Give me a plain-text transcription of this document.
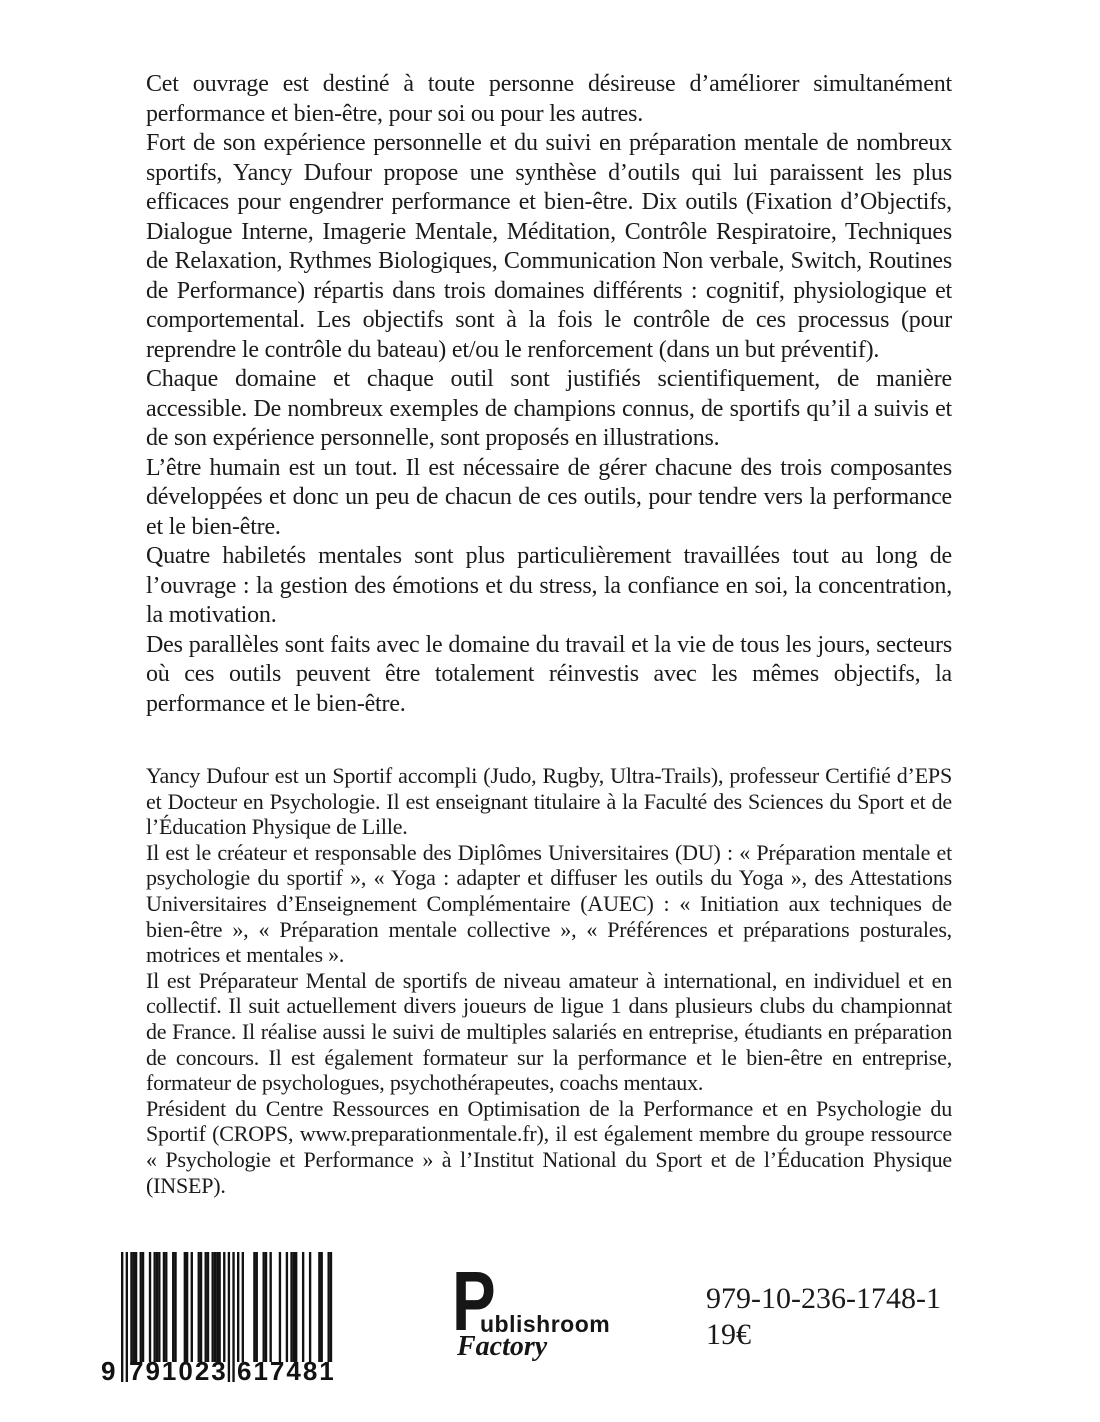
Cet ouvrage est destiné à toute personne désireuse d’améliorer simultanément performance et bien-être, pour soi ou pour les autres.

Fort de son expérience personnelle et du suivi en préparation mentale de nombreux sportifs, Yancy Dufour propose une synthèse d’outils qui lui paraissent les plus efficaces pour engendrer performance et bien-être. Dix outils (Fixation d’Objectifs, Dialogue Interne, Imagerie Mentale, Méditation, Contrôle Respiratoire, Techniques de Relaxation, Rythmes Biologiques, Communication Non verbale, Switch, Routines de Performance) répartis dans trois domaines différents : cognitif, physiologique et comportemental. Les objectifs sont à la fois le contrôle de ces processus (pour reprendre le contrôle du bateau) et/ou le renforcement (dans un but préventif).

Chaque domaine et chaque outil sont justifiés scientifiquement, de manière accessible. De nombreux exemples de champions connus, de sportifs qu’il a suivis et de son expérience personnelle, sont proposés en illustrations.

L’être humain est un tout. Il est nécessaire de gérer chacune des trois composantes développées et donc un peu de chacun de ces outils, pour tendre vers la performance et le bien-être.

Quatre habiletés mentales sont plus particulièrement travaillées tout au long de l’ouvrage : la gestion des émotions et du stress, la confiance en soi, la concentration, la motivation.

Des parallèles sont faits avec le domaine du travail et la vie de tous les jours, secteurs où ces outils peuvent être totalement réinvestis avec les mêmes objectifs, la performance et le bien-être.

Yancy Dufour est un Sportif accompli (Judo, Rugby, Ultra-Trails), professeur Certifié d’EPS et Docteur en Psychologie. Il est enseignant titulaire à la Faculté des Sciences du Sport et de l’Éducation Physique de Lille.

Il est le créateur et responsable des Diplômes Universitaires (DU) : « Préparation mentale et psychologie du sportif », « Yoga : adapter et diffuser les outils du Yoga », des Attestations Universitaires d’Enseignement Complémentaire (AUEC) : « Initiation aux techniques de bien-être », « Préparation mentale collective », « Préférences et préparations posturales, motrices et mentales ».

Il est Préparateur Mental de sportifs de niveau amateur à international, en individuel et en collectif. Il suit actuellement divers joueurs de ligue 1 dans plusieurs clubs du championnat de France. Il réalise aussi le suivi de multiples salariés en entreprise, étudiants en préparation de concours. Il est également formateur sur la performance et le bien-être en entreprise, formateur de psychologues, psychothérapeutes, coachs mentaux.

Président du Centre Ressources en Optimisation de la Performance et en Psychologie du Sportif (CROPS, www.preparationmentale.fr), il est également membre du groupe ressource « Psychologie et Performance » à l’Institut National du Sport et de l’Éducation Physique (INSEP).

9 791023 617481
P
ublishroom
Factory
979-10-236-1748-1
19€
